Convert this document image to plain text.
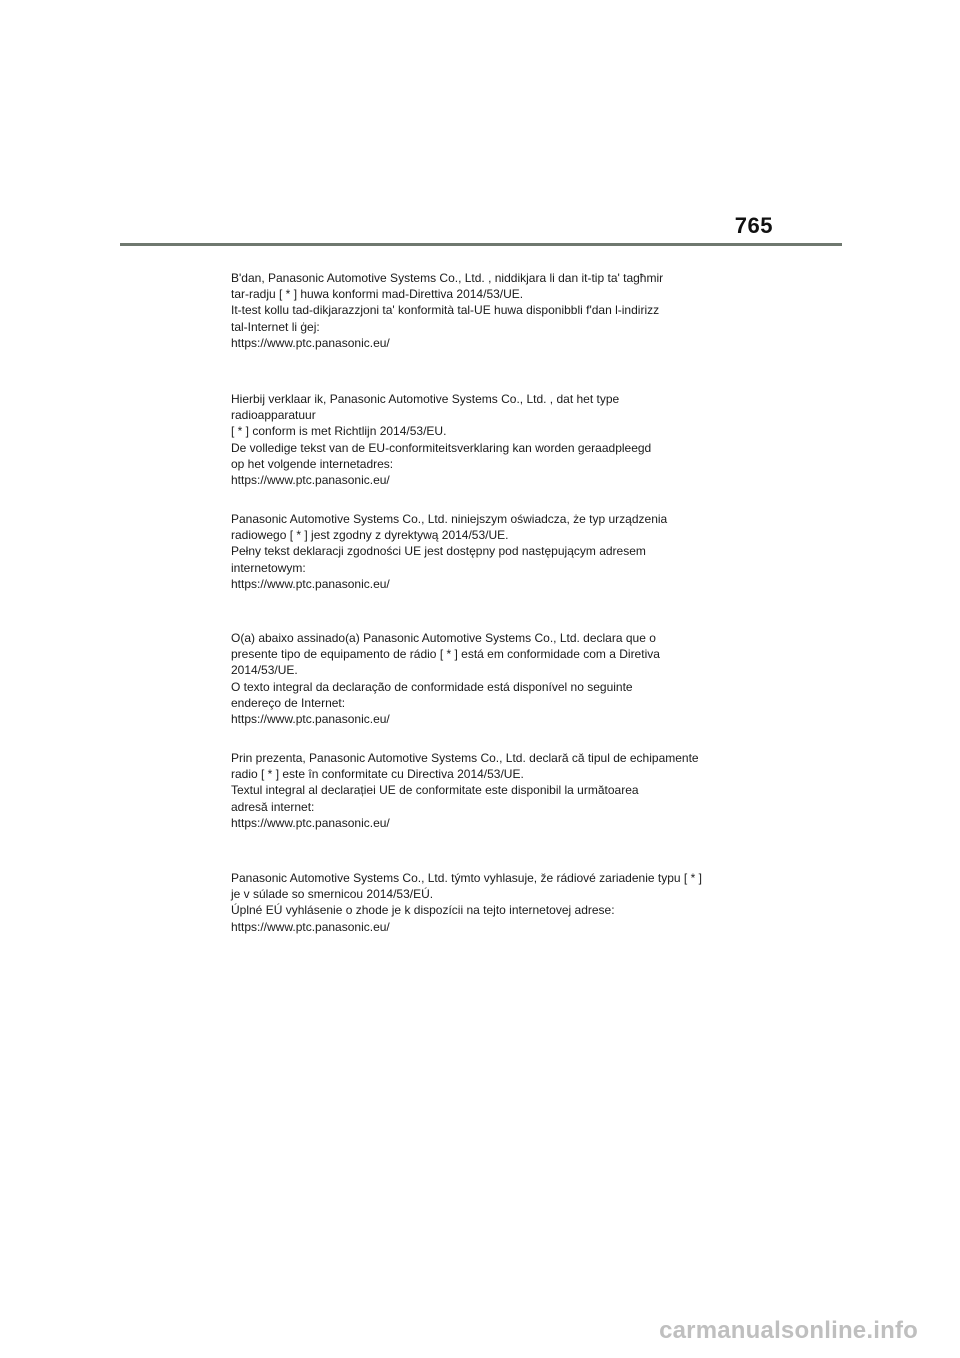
765
B'dan, Panasonic Automotive Systems Co., Ltd. , niddikjara li dan it-tip ta' tagħmir
tar-radju [ * ] huwa konformi mad-Direttiva 2014/53/UE.
It-test kollu tad-dikjarazzjoni ta' konformità tal-UE huwa disponibbli f'dan l-indirizz
tal-Internet li ġej:
https://www.ptc.panasonic.eu/
Hierbij verklaar ik, Panasonic Automotive Systems Co., Ltd. , dat het type
radioapparatuur
[ * ] conform is met Richtlijn 2014/53/EU.
De volledige tekst van de EU-conformiteitsverklaring kan worden geraadpleegd
op het volgende internetadres:
https://www.ptc.panasonic.eu/
Panasonic Automotive Systems Co., Ltd. niniejszym oświadcza, że typ urządzenia
radiowego [ * ] jest zgodny z dyrektywą 2014/53/UE.
Pełny tekst deklaracji zgodności UE jest dostępny pod następującym adresem
internetowym:
https://www.ptc.panasonic.eu/
O(a) abaixo assinado(a) Panasonic Automotive Systems Co., Ltd. declara que o
presente tipo de equipamento de rádio [ * ] está em conformidade com a Diretiva
2014/53/UE.
O texto integral da declaração de conformidade está disponível no seguinte
endereço de Internet:
https://www.ptc.panasonic.eu/
Prin prezenta, Panasonic Automotive Systems Co., Ltd. declară că tipul de echipamente
radio [ * ] este în conformitate cu Directiva 2014/53/UE.
Textul integral al declarației UE de conformitate este disponibil la următoarea
adresă internet:
https://www.ptc.panasonic.eu/
Panasonic Automotive Systems Co., Ltd. týmto vyhlasuje, že rádiové zariadenie typu [ * ]
je v súlade so smernicou 2014/53/EÚ.
Úplné EÚ vyhlásenie o zhode je k dispozícii na tejto internetovej adrese:
https://www.ptc.panasonic.eu/
carmanualsonline.info
